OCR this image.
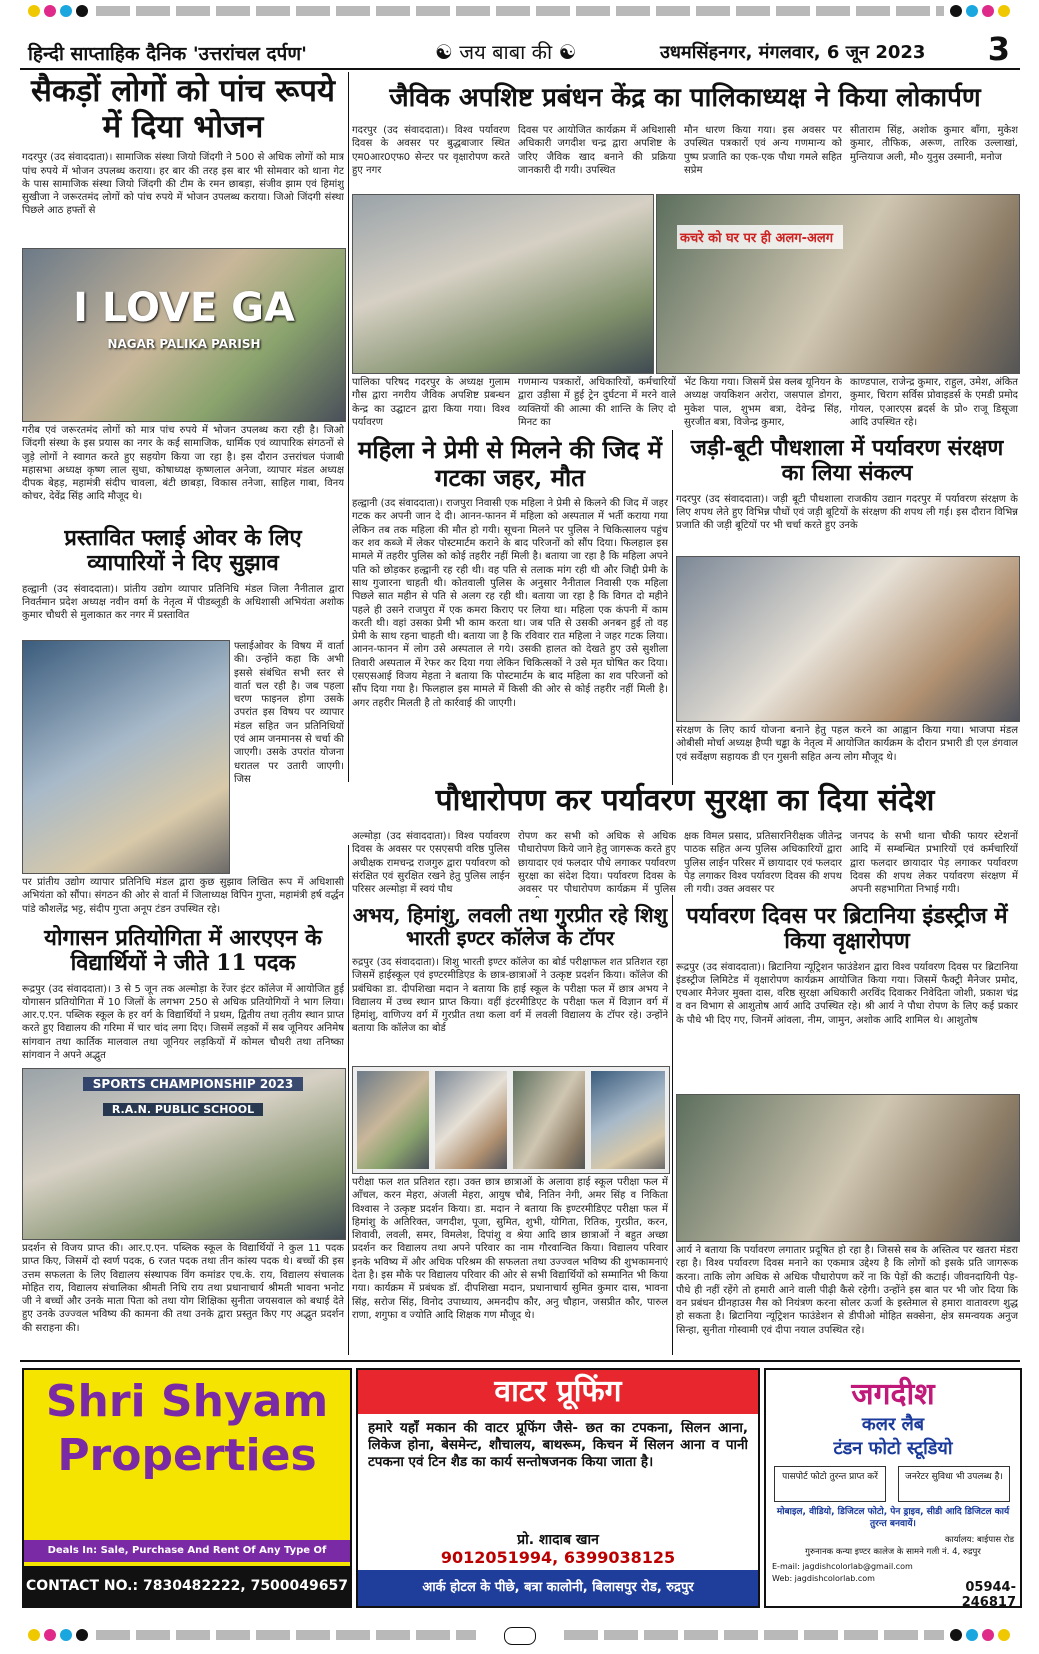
हिन्दी साप्ताहिक दैनिक 'उत्तरांचल दर्पण'	☯ जय बाबा की ☯	उधमसिंहनगर, मंगलवार, 6 जून 2023 3
सैकड़ों लोगों को पांच रूपये में दिया भोजन
गदरपुर (उद संवाददाता)। सामाजिक संस्था जियो जिंदगी ने 500 से अधिक लोगों को मात्र पांच रुपये में भोजन उपलब्ध कराया। हर बार की तरह इस बार भी सोमवार को थाना गेट के पास सामाजिक संस्था जियो जिंदगी की टीम के रमन छाबड़ा, संजीव झाम एवं हिमांशु सुखीजा ने जरूरतमंद लोगों को पांच रुपये में भोजन उपलब्ध कराया। जिओ जिंदगी संस्था पिछले आठ हफ्तों से
I LOVE GA
NAGAR PALIKA PARISH
गरीब एवं जरूरतमंद लोगों को मात्र पांच रुपये में भोजन उपलब्ध करा रही है। जिओ जिंदगी संस्था के इस प्रयास का नगर के कई सामाजिक, धार्मिक एवं व्यापारिक संगठनों से जुड़े लोगों ने स्वागत करते हुए सहयोग किया जा रहा है। इस दौरान उत्तरांचल पंजाबी महासभा अध्यक्ष कृष्ण लाल सुधा, कोषाध्यक्ष कृष्णलाल अनेजा, व्यापार मंडल अध्यक्ष दीपक बेहड़, महामंत्री संदीप चावला, बंटी छाबड़ा, विकास तनेजा, साहिल गाबा, विनय कोचर, देवेंद्र सिंह आदि मौजूद थे।
जैविक अपशिष्ट प्रबंधन केंद्र का पालिकाध्यक्ष ने किया लोकार्पण
गदरपुर (उद संवाददाता)। विश्व पर्यावरण दिवस के अवसर पर बुद्धबाजार स्थित एम0आर0एफ0 सेन्टर पर वृक्षारोपण करते हुए नगर
दिवस पर आयोजित कार्यक्रम में अधिशासी अधिकारी जगदीश चन्द्र द्वारा अपशिष्ट के जरिए जैविक खाद बनाने की प्रक्रिया जानकारी दी गयी। उपस्थित
मौन धारण किया गया। इस अवसर पर उपस्थित पत्रकारों एवं अन्य गणमान्य को पुष्प प्रजाति का एक-एक पौधा गमले सहित सप्रेम
सीताराम सिंह, अशोक कुमार बाँगा, मुकेश कुमार, तौफिक, अरूण, तारिक उल्लाखां, मुन्तियाज अली, मौ० युनुस उस्मानी, मनोज
कचरे को घर पर ही अलग-अलग
पालिका परिषद गदरपुर के अध्यक्ष गुलाम गौस द्वारा नगरीय जैविक अपशिष्ट प्रबन्धन केन्द्र का उद्घाटन द्वारा किया गया। विश्व पर्यावरण
गणमान्य पत्रकारों, अधिकारियों, कर्मचारियों द्वारा उड़ीसा में हुई ट्रेन दुर्घटना में मरने वाले व्यक्तियों की आत्मा की शान्ति के लिए दो मिनट का
भेंट किया गया। जिसमें प्रेस क्लब यूनियन के अध्यक्ष जयकिशन अरोरा, जसपाल डोगरा, मुकेश पाल, शुभम बत्रा, देवेन्द्र सिंह, सुरजीत बत्रा, विजेन्द्र कुमार,
काण्डपाल, राजेन्द्र कुमार, राहुल, उमेश, अंकित कुमार, चिराग सर्विस प्रोवाइडर्स के एमडी प्रमोद गोयल, एआरएस ब्रदर्स के प्रो० राजू डिसूजा आदि उपस्थित रहे।
महिला ने प्रेमी से मिलने की जिद में गटका जहर, मौत
हल्द्वानी (उद संवाददाता)। राजपुरा निवासी एक महिला ने प्रेमी से किलने की जिद में जहर गटक कर अपनी जान दे दी। आनन-फानन में महिला को अस्पताल में भर्ती कराया गया लेकिन तब तक महिला की मौत हो गयी। सूचना मिलने पर पुलिस ने चिकित्सालय पहुंच कर शव कब्जे में लेकर पोस्टमार्टम कराने के बाद परिजनों को सौंप दिया। फिलहाल इस मामले में तहरीर पुलिस को कोई तहरीर नहीं मिली है। बताया जा रहा है कि महिला अपने पति को छोड़कर हल्द्वानी रह रही थी। वह पति से तलाक मांग रही थी और जिद्दी प्रेमी के साथ गुजारना चाहती थी। कोतवाली पुलिस के अनुसार नैनीताल निवासी एक महिला पिछले सात महीन से पति से अलग रह रही थी। बताया जा रहा है कि विगत दो महीने पहले ही उसने राजपुरा में एक कमरा किराए पर लिया था। महिला एक कंपनी में काम करती थी। वहां उसका प्रेमी भी काम करता था। जब पति से उसकी अनबन हुई तो वह प्रेमी के साथ रहना चाहती थी। बताया जा है कि रविवार रात महिला ने जहर गटक लिया। आनन-फानन में लोग उसे अस्पताल ले गये। उसकी हालत को देखते हुए उसे सुशीला तिवारी अस्पताल में रेफर कर दिया गया लेकिन चिकित्सकों ने उसे मृत घोषित कर दिया। एसएसआई विजय मेहता ने बताया कि पोस्टमार्टम के बाद महिला का शव परिजनों को सौंप दिया गया है। फिलहाल इस मामले में किसी की ओर से कोई तहरीर नहीं मिली है। अगर तहरीर मिलती है तो कार्रवाई की जाएगी।
जड़ी-बूटी पौधशाला में पर्यावरण संरक्षण का लिया संकल्प
गदरपुर (उद संवाददाता)। जड़ी बूटी पौधशाला राजकीय उद्यान गदरपुर में पर्यावरण संरक्षण के लिए शपथ लेते हुए विभिन्न पौधों एवं जड़ी बूटियों के संरक्षण की शपथ ली गई। इस दौरान विभिन्न प्रजाति की जड़ी बूटियों पर भी चर्चा करते हुए उनके
संरक्षण के लिए कार्य योजना बनाने हेतु पहल करने का आह्वान किया गया। भाजपा मंडल ओबीसी मोर्चा अध्यक्ष हैप्पी चड्ढा के नेतृत्व में आयोजित कार्यक्रम के दौरान प्रभारी डी एल डंगवाल एवं सर्वेक्षण सहायक डी एन गुसनी सहित अन्य लोग मौजूद थे।
प्रस्तावित फ्लाई ओवर के लिए व्यापारियों ने दिए सुझाव
हल्द्वानी (उद संवाददाता)। प्रांतीय उद्योग व्यापार प्रतिनिधि मंडल जिला नैनीताल द्वारा निवर्तमान प्रदेश अध्यक्ष नवीन वर्मा के नेतृत्व में पीडब्लूडी के अधिशासी अभियंता अशोक कुमार चौधरी से मुलाकात कर नगर में प्रस्तावित
फ्लाईओवर के विषय में वार्ता की। उन्होंने कहा कि अभी इससे संबंधित सभी स्तर से वार्ता चल रही है। जब पहला चरण फाइनल होगा उसके उपरांत इस विषय पर व्यापार मंडल सहित जन प्रतिनिधियों एवं आम जनमानस से चर्चा की जाएगी। उसके उपरांत योजना धरातल पर उतारी जाएगी। जिस
पर प्रांतीय उद्योग व्यापार प्रतिनिधि मंडल द्वारा कुछ सुझाव लिखित रूप में अधिशासी अभियंता को सौंपा। संगठन की ओर से वार्ता में जिलाध्यक्ष विपिन गुप्ता, महामंत्री हर्ष वर्द्धन पांडे कौशलेंद्र भट्ट, संदीप गुप्ता अनूप टंडन उपस्थित रहे।
पौधारोपण कर पर्यावरण सुरक्षा का दिया संदेश
अल्मोड़ा (उद संवाददाता)। विश्व पर्यावरण दिवस के अवसर पर एसएसपी वरिष्ठ पुलिस अधीक्षक रामचन्द्र राजगुरु द्वारा पर्यावरण को संरक्षित एवं सुरक्षित रखने हेतु पुलिस लाईन परिसर अल्मोड़ा में स्वयं पौध
रोपण कर सभी को अधिक से अधिक पौधारोपण किये जाने हेतु जागरूक करते हुए छायादार एवं फलदार पौधे लगाकर पर्यावरण सुरक्षा का संदेश दिया। पर्यावरण दिवस के अवसर पर पौधारोपण कार्यक्रम में पुलिस
क्षक विमल प्रसाद, प्रतिसारनिरीक्षक जीतेन्द्र पाठक सहित अन्य पुलिस अधिकारियों द्वारा पुलिस लाईन परिसर में छायादार एवं फलदार पेड़ लगाकर विश्व पर्यावरण दिवस की शपथ ली गयी। उक्त अवसर पर
जनपद के सभी थाना चौकी फायर स्टेशनों आदि में सम्बन्धित प्रभारियों एवं कर्मचारियों द्वारा फलदार छायादार पेड़ लगाकर पर्यावरण दिवस की शपथ लेकर पर्यावरण संरक्षण में अपनी सहभागिता निभाई गयी।
योगासन प्रतियोगिता में आरएएन के विद्यार्थियों ने जीते 11 पदक
रूद्रपुर (उद संवाददाता)। 3 से 5 जून तक अल्मोड़ा के रेंजर इंटर कॉलेज में आयोजित हुई योगासन प्रतियोगिता में 10 जिलों के लगभग 250 से अधिक प्रतियोगियों ने भाग लिया। आर.ए.एन. पब्लिक स्कूल के हर वर्ग के विद्यार्थियों ने प्रथम, द्वितीय तथा तृतीय स्थान प्राप्त करते हुए विद्यालय की गरिमा में चार चांद लगा दिए। जिसमें लड़कों में सब जूनियर अनिमेष सांगवान तथा कार्तिक मालवाल तथा जूनियर लड़कियों में कोमल चौधरी तथा तनिष्का सांगवान ने अपने अद्भुत
SPORTS CHAMPIONSHIP 2023
R.A.N. PUBLIC SCHOOL
प्रदर्शन से विजय प्राप्त की। आर.ए.एन. पब्लिक स्कूल के विद्यार्थियों ने कुल 11 पदक प्राप्त किए, जिसमें दो स्वर्ण पदक, 6 रजत पदक तथा तीन कांस्य पदक थे। बच्चों की इस उत्तम सफलता के लिए विद्यालय संस्थापक विंग कमांडर एच.के. राय, विद्यालय संचालक मोहित राय, विद्यालय संचालिका श्रीमती निधि राय तथा प्रधानाचार्य श्रीमती भावना भनोट जी ने बच्चों और उनके माता पिता को तथा योग शिक्षिका सुनीता जयसवाल को बधाई देते हुए उनके उज्ज्वल भविष्य की कामना की तथा उनके द्वारा प्रस्तुत किए गए अद्भुत प्रदर्शन की सराहना की।
अभय, हिमांशु, लवली तथा गुरप्रीत रहे शिशु भारती इण्टर कॉलेज के टॉपर
रुद्रपुर (उद संवाददाता)। शिशु भारती इण्टर कॉलेज का बोर्ड परीक्षाफल शत प्रतिशत रहा जिसमें हाईस्कूल एवं इण्टरमीडिएड के छात्र-छात्राओं ने उत्कृष्ट प्रदर्शन किया। कॉलेज की प्रबंधिका डा. दीपशिखा मदान ने बताया कि हाई स्कूल के परीक्षा फल में छात्र अभय ने विद्यालय में उच्च स्थान प्राप्त किया। वहीं इंटरमीडिएट के परीक्षा फल में विज्ञान वर्ग में हिमांशु, वाणिज्य वर्ग में गुरप्रीत तथा कला वर्ग में लवली विद्यालय के टॉपर रहे। उन्होंने बताया कि कॉलेज का बोर्ड
परीक्षा फल शत प्रतिशत रहा। उक्त छात्र छात्राओं के अलावा हाई स्कूल परीक्षा फल में आँचल, करन मेहरा, अंजली मेहरा, आयुष चौबे, नितिन नेगी, अमर सिंह व निकिता विश्वास ने उत्कृष्ट प्रदर्शन किया। डा. मदान ने बताया कि इण्टरमीडिएट परीक्षा फल में हिमांशु के अतिरिक्त, जगदीश, पूजा, सुमित, शुभी, योगिता, रितिक, गुरप्रीत, करन, शिवावी, लवली, समर, विमलेश, दिपांशु व श्रेया आदि छात्र छात्राओं ने बहुत अच्छा प्रदर्शन कर विद्यालय तथा अपने परिवार का नाम गौरवान्वित किया। विद्यालय परिवार इनके भविष्य में और अधिक परिश्रम की सफलता तथा उज्ज्वल भविष्य की शुभकामनाएं देता है। इस मौके पर विद्यालय परिवार की ओर से सभी विद्यार्थियों को सम्मानित भी किया गया। कार्यक्रम में प्रबंधक डॉ. दीपशिखा मदान, प्रधानाचार्य सुमित कुमार दास, भावना सिंह, सरोज सिंह, विनोद उपाध्याय, अमनदीप कौर, अनु चौहान, जसप्रीत कौर, पारुल राणा, शगुफा व ज्योति आदि शिक्षक गण मौजूद थे।
पर्यावरण दिवस पर ब्रिटानिया इंडस्ट्रीज में किया वृक्षारोपण
रूद्रपुर (उद संवाददाता)। ब्रिटानिया न्यूट्रिशन फाउंडेशन द्वारा विश्व पर्यावरण दिवस पर ब्रिटानिया इंडस्ट्रीज लिमिटेड में वृक्षारोपण कार्यक्रम आयोजित किया गया। जिसमें फैक्ट्री मैनेजर प्रमोद, एचआर मैनेजर मुक्ता दास, वरिष्ठ सुरक्षा अधिकारी अरविंद दिवाकर निवेदिता जोशी, प्रकाश चंद्र व वन विभाग से आशुतोष आर्य आदि उपस्थित रहे। श्री आर्य ने पौधा रोपण के लिए कई प्रकार के पौधे भी दिए गए, जिनमें आंवला, नीम, जामुन, अशोक आदि शामिल थे। आशुतोष
आर्य ने बताया कि पर्यावरण लगातार प्रदूषित हो रहा है। जिससे सब के अस्तित्व पर खतरा मंडरा रहा है। विश्व पर्यावरण दिवस मनाने का एकमात्र उद्देश्य है कि लोगों को इसके प्रति जागरूक करना। ताकि लोग अधिक से अधिक पौधारोपण करें ना कि पेड़ों की कटाई। जीवनदायिनी पेड़-पौधे ही नहीं रहेंगे तो हमारी आने वाली पीढ़ी कैसे रहेगी। उन्होंने इस बात पर भी जोर दिया कि वन प्रबंधन ग्रीनहाउस गैस को नियंत्रण करना सोलर ऊर्जा के इस्तेमाल से हमारा वातावरण शुद्ध हो सकता है। ब्रिटानिया न्यूट्रिशन फाउंडेशन से डीपीओ मोहित सक्सेना, क्षेत्र समन्वयक अनुज सिन्हा, सुनीता गोस्वामी एवं दीपा नयाल उपस्थित रहे।
Shri Shyam
Properties
Deals In: Sale, Purchase And Rent Of Any Type Of
CONTACT NO.: 7830482222, 7500049657
वाटर प्रूफिंग
हमारे यहाँ मकान की वाटर प्रूफिंग जैसे- छत का टपकना, सिलन आना, लिकेज होना, बेसमेन्ट, शौचालय, बाथरूम, किचन में सिलन आना व पानी टपकना एवं टिन शैड का कार्य सन्तोषजनक किया जाता है।
प्रो. शादाब खान
9012051994, 6399038125
आर्क होटल के पीछे, बत्रा कालोनी, बिलासपुर रोड, रुद्रपुर
जगदीश
कलर लैब
टंडन फोटो स्टूडियो
पासपोर्ट फोटो तुरन्त प्राप्त करें	जनरेटर सुविधा भी उपलब्ध है।
मोबाइल, वीडियो, डिजिटल फोटो, पेन ड्राइव, सीडी आदि डिजिटल कार्य तुरन्त बनवायें।
कार्यालय: बाईपास रोड
गुरुनानक कन्या इण्टर कालेज के सामने गली नं. 4, रुद्रपुर
E-mail: jagdishcolorlab@gmail.com
Web: jagdishcolorlab.com
05944-246817
